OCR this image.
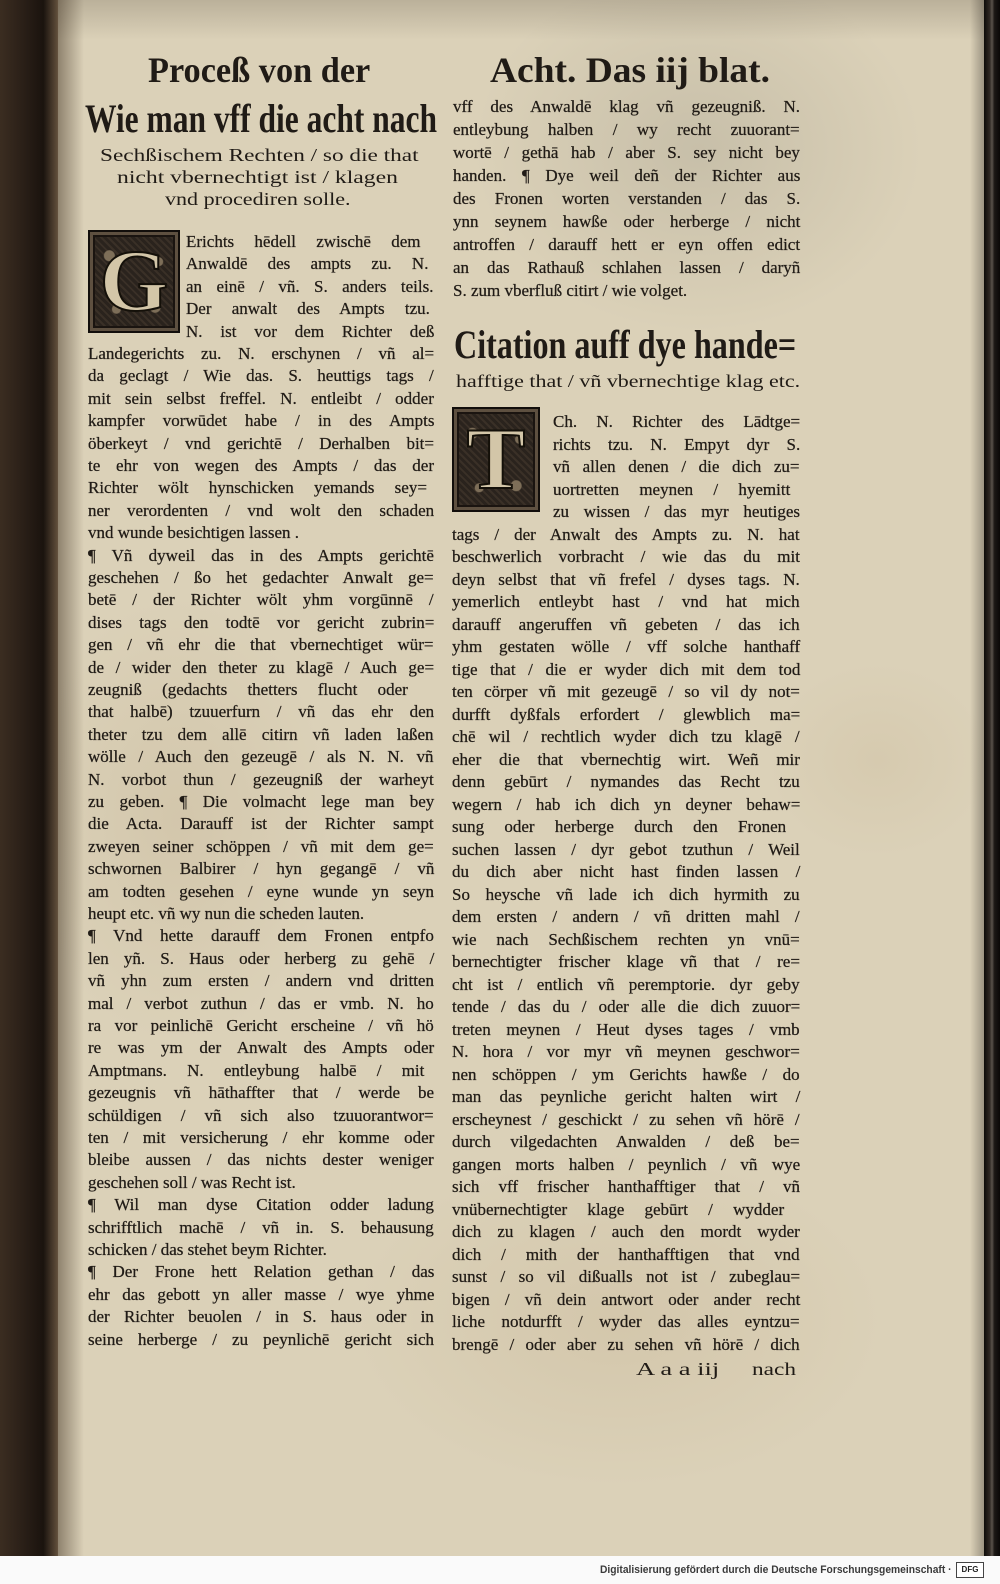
Proceß von der	Acht. Das iij blat.
Wie man vff die acht nach
Sechßischem Rechten / so die that
nicht vbernechtigt ist / klagen
vnd procediren solle.
G	Erichts hēdell zwischē dem
Anwaldē des ampts zu. N.
an einē / vñ. S. anders teils.
Der anwalt des Ampts tzu.
N. ist vor dem Richter deß
Landegerichts zu. N. erschynen / vñ al=
da geclagt / Wie das. S. heuttigs tags /
mit sein selbst freffel. N. entleibt / odder
kampfer vorwūdet habe / in des Ampts
öberkeyt / vnd gerichtē / Derhalben bit=
te ehr von wegen des Ampts / das der
Richter wölt hynschicken yemands sey=
ner verordenten / vnd wolt den schaden
vnd wunde besichtigen lassen .
¶ Vñ dyweil das in des Ampts gerichtē
geschehen / ßo het gedachter Anwalt ge=
betē / der Richter wölt yhm vorgūnnē /
dises tags den todtē vor gericht zubrin=
gen / vñ ehr die that vbernechtiget wür=
de / wider den theter zu klagē / Auch ge=
zeugniß (gedachts thetters flucht oder
that halbē) tzuuerfurn / vñ das ehr den
theter tzu dem allē citirn vñ laden laßen
wölle / Auch den gezeugē / als N. N. vñ
N. vorbot thun / gezeugniß der warheyt
zu geben. ¶ Die volmacht lege man bey
die Acta. Darauff ist der Richter sampt
zweyen seiner schöppen / vñ mit dem ge=
schwornen Balbirer / hyn gegangē / vñ
am todten gesehen / eyne wunde yn seyn
heupt etc. vñ wy nun die scheden lauten.
¶ Vnd hette darauff dem Fronen entpfo
len yñ. S. Haus oder herberg zu gehē /
vñ yhn zum ersten / andern vnd dritten
mal / verbot zuthun / das er vmb. N. ho
ra vor peinlichē Gericht erscheine / vñ hö
re was ym der Anwalt des Ampts oder
Amptmans. N. entleybung halbē / mit
gezeugnis vñ hāthaffter that / werde be
schüldigen / vñ sich also tzuuorantwor=
ten / mit versicherung / ehr komme oder
bleibe aussen / das nichts dester weniger
geschehen soll / was Recht ist.
¶ Wil man dyse Citation odder ladung
schrifftlich machē / vñ in. S. behausung
schicken / das stehet beym Richter.
¶ Der Frone hett Relation gethan / das
ehr das gebott yn aller masse / wye yhme
der Richter beuolen / in S. haus oder in
seine herberge / zu peynlichē gericht sich
vff des Anwaldē klag vñ gezeugniß. N.
entleybung halben / wy recht zuuorant=
wortē / gethā hab / aber S. sey nicht bey
handen. ¶ Dye weil deñ der Richter aus
des Fronen worten verstanden / das S.
ynn seynem hawße oder herberge / nicht
antroffen / darauff hett er eyn offen edict
an das Rathauß schlahen lassen / daryñ
S. zum vberfluß citirt / wie volget.
Citation auff dye hande=
hafftige that / vñ vbernechtige klag etc.
T	Ch. N. Richter des Lādtge=
richts tzu. N. Empyt dyr S.
vñ allen denen / die dich zu=
uortretten meynen / hyemitt
zu wissen / das myr heutiges
tags / der Anwalt des Ampts zu. N. hat
beschwerlich vorbracht / wie das du mit
deyn selbst that vñ frefel / dyses tags. N.
yemerlich entleybt hast / vnd hat mich
darauff angeruffen vñ gebeten / das ich
yhm gestaten wölle / vff solche hanthaff
tige that / die er wyder dich mit dem tod
ten cörper vñ mit gezeugē / so vil dy not=
durfft dyßfals erfordert / glewblich ma=
chē wil / rechtlich wyder dich tzu klagē /
eher die that vbernechtig wirt. Weñ mir
denn gebūrt / nymandes das Recht tzu
wegern / hab ich dich yn deyner behaw=
sung oder herberge durch den Fronen
suchen lassen / dyr gebot tzuthun / Weil
du dich aber nicht hast finden lassen /
So heysche vñ lade ich dich hyrmith zu
dem ersten / andern / vñ dritten mahl /
wie nach Sechßischem rechten yn vnū=
bernechtigter frischer klage vñ that / re=
cht ist / entlich vñ peremptorie. dyr geby
tende / das du / oder alle die dich zuuor=
treten meynen / Heut dyses tages / vmb
N. hora / vor myr vñ meynen geschwor=
nen schöppen / ym Gerichts hawße / do
man das peynliche gericht halten wirt /
erscheynest / geschickt / zu sehen vñ hörē /
durch vilgedachten Anwalden / deß be=
gangen morts halben / peynlich / vñ wye
sich vff frischer hanthafftiger that / vñ
vnübernechtigter klage gebūrt / wydder
dich zu klagen / auch den mordt wyder
dich / mith der hanthafftigen that vnd
sunst / so vil dißualls not ist / zubeglau=
bigen / vñ dein antwort oder ander recht
liche notdurfft / wyder das alles eyntzu=
brengē / oder aber zu sehen vñ hörē / dich
A a a iij nach
Digitalisierung gefördert durch die Deutsche Forschungsgemeinschaft ·	DFG
